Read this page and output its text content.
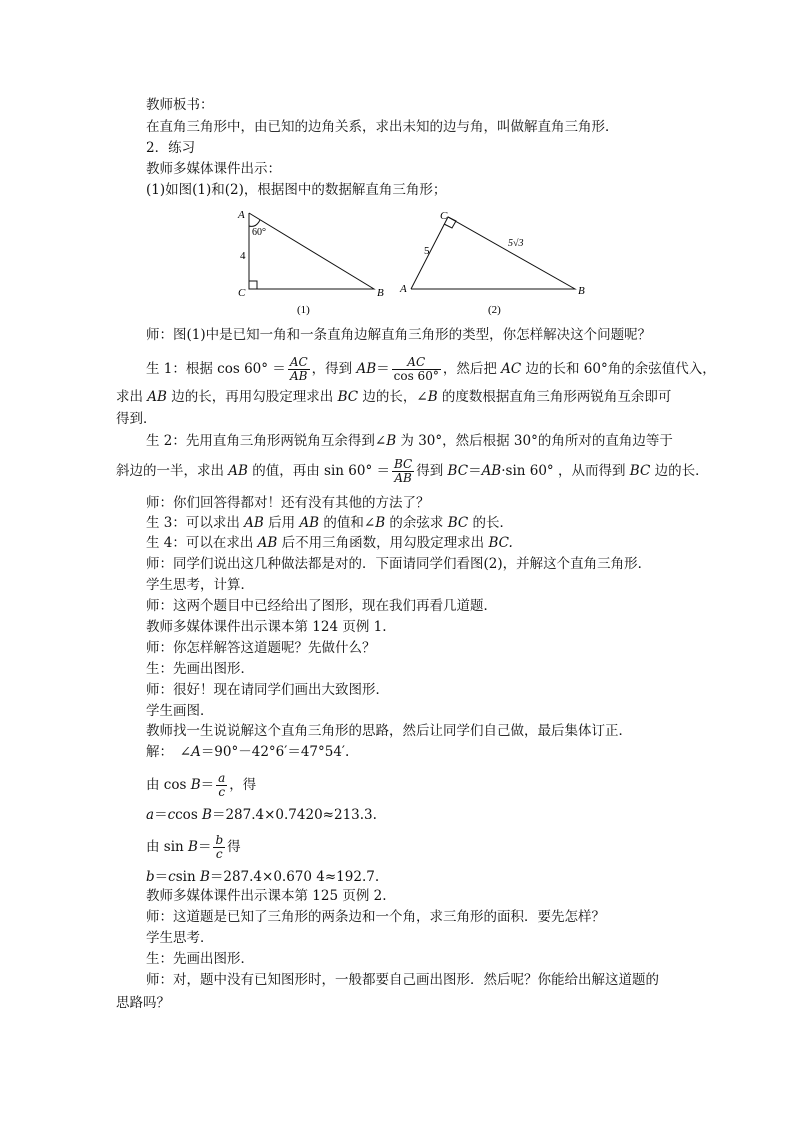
教师板书：
在直角三角形中，由已知的边角关系，求出未知的边与角，叫做解直角三角形．
2．练习
教师多媒体课件出示：
(1)如图(1)和(2)，根据图中的数据解直角三角形；
A
60°
4
C	B
(1)
C
5
5√3
A	B
(2)
师：图(1)中是已知一角和一条直角边解直角三角形的类型，你怎样解决这个问题呢？
生 1：根据 $\cos 60^\circ = \frac{AC}{AB}$ ，得到 $AB= \frac{AC}{\cos 60^\circ}$ ，然后把 AC 边的长和 60°角的余弦值代入，
求出 AB 边的长，再用勾股定理求出 BC 边的长，∠B 的度数根据直角三角形两锐角互余即可
得到．
生 2：先用直角三角形两锐角互余得到∠B 为 30°，然后根据 30°的角所对的直角边等于
斜边的一半，求出 AB 的值，再由 $\sin 60^\circ = \frac{BC}{AB}$ 得到 BC＝AB·sin 60° ，从而得到 BC 边的长．
师：你们回答得都对！还有没有其他的方法了？
生 3：可以求出 AB 后用 AB 的值和∠B 的余弦求 BC 的长．
生 4：可以在求出 AB 后不用三角函数，用勾股定理求出 BC.
师：同学们说出这几种做法都是对的．下面请同学们看图(2)，并解这个直角三角形．
学生思考，计算．
师：这两个题目中已经给出了图形，现在我们再看几道题．
教师多媒体课件出示课本第 124 页例 1.
师：你怎样解答这道题呢？先做什么？
生：先画出图形．
师：很好！现在请同学们画出大致图形．
学生画图．
教师找一生说说解这个直角三角形的思路，然后让同学们自己做，最后集体订正．
解：　∠A＝90°－42°6′＝47°54′.
由 $\cos B= \frac{a}{c}$ ，得
a＝ccos B＝287.4×0.7420≈213.3.
由 $\sin B= \frac{b}{c}$ 得
b＝csin B＝287.4×0.670 4≈192.7.
教师多媒体课件出示课本第 125 页例 2.
师：这道题是已知了三角形的两条边和一个角，求三角形的面积．要先怎样？
学生思考．
生：先画出图形．
师：对，题中没有已知图形时，一般都要自己画出图形．然后呢？你能给出解这道题的
思路吗？
